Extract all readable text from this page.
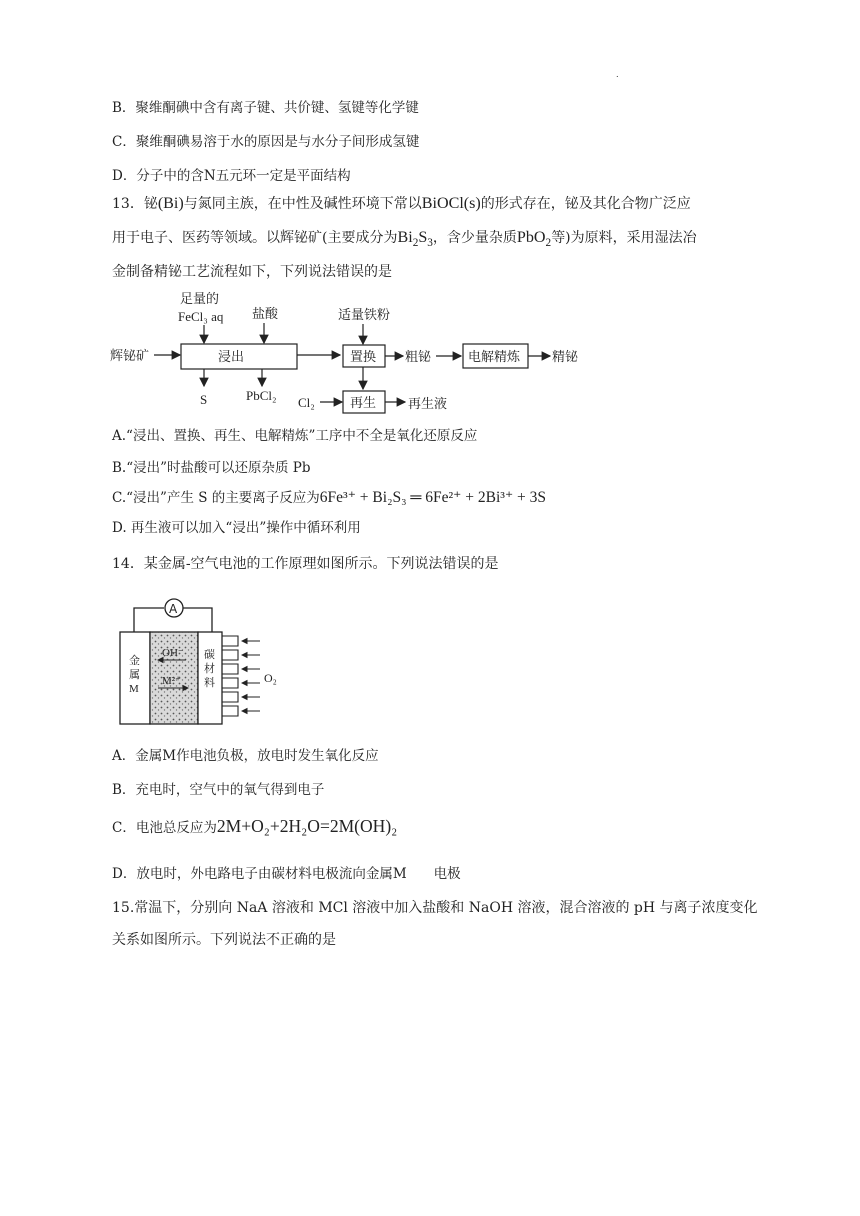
.
B．聚维酮碘中含有离子键、共价键、氢键等化学键
C．聚维酮碘易溶于水的原因是与水分子间形成氢键
D．分子中的含N五元环一定是平面结构
13．铋(Bi)与氮同主族，在中性及碱性环境下常以BiOCl(s)的形式存在，铋及其化合物广泛应
用于电子、医药等领域。以辉铋矿(主要成分为$Bi_2S_3$，含少量杂质PbO$_2$等)为原料，采用湿法冶
金制备精铋工艺流程如下，下列说法错误的是
辉铋矿
足量的
FeCl₃ aq 盐酸
浸出
S	PbCl₂
适量铁粉
置换 粗铋	电解精炼 精铋
Cl₂	再生 再生液
A.“浸出、置换、再生、电解精炼”工序中不全是氧化还原反应
B.“浸出”时盐酸可以还原杂质 Pb
C.“浸出”产生 S 的主要离子反应为6Fe³⁺ + Bi₂S₃ ═ 6Fe²⁺ + 2Bi³⁺ + 3S
D. 再生液可以加入“浸出”操作中循环利用
14．某金属-空气电池的工作原理如图所示。下列说法错误的是
A
金属 M
OH⁻
M²⁺
碳材料	O₂
A．金属M作电池负极，放电时发生氧化反应
B．充电时，空气中的氧气得到电子
C．电池总反应为2M+O₂+2H₂O=2M(OH)₂
D．放电时，外电路电子由碳材料电极流向金属M　　电极
15.常温下，分别向 NaA 溶液和 MCl 溶液中加入盐酸和 NaOH 溶液，混合溶液的 pH 与离子浓度变化
关系如图所示。下列说法不正确的是
